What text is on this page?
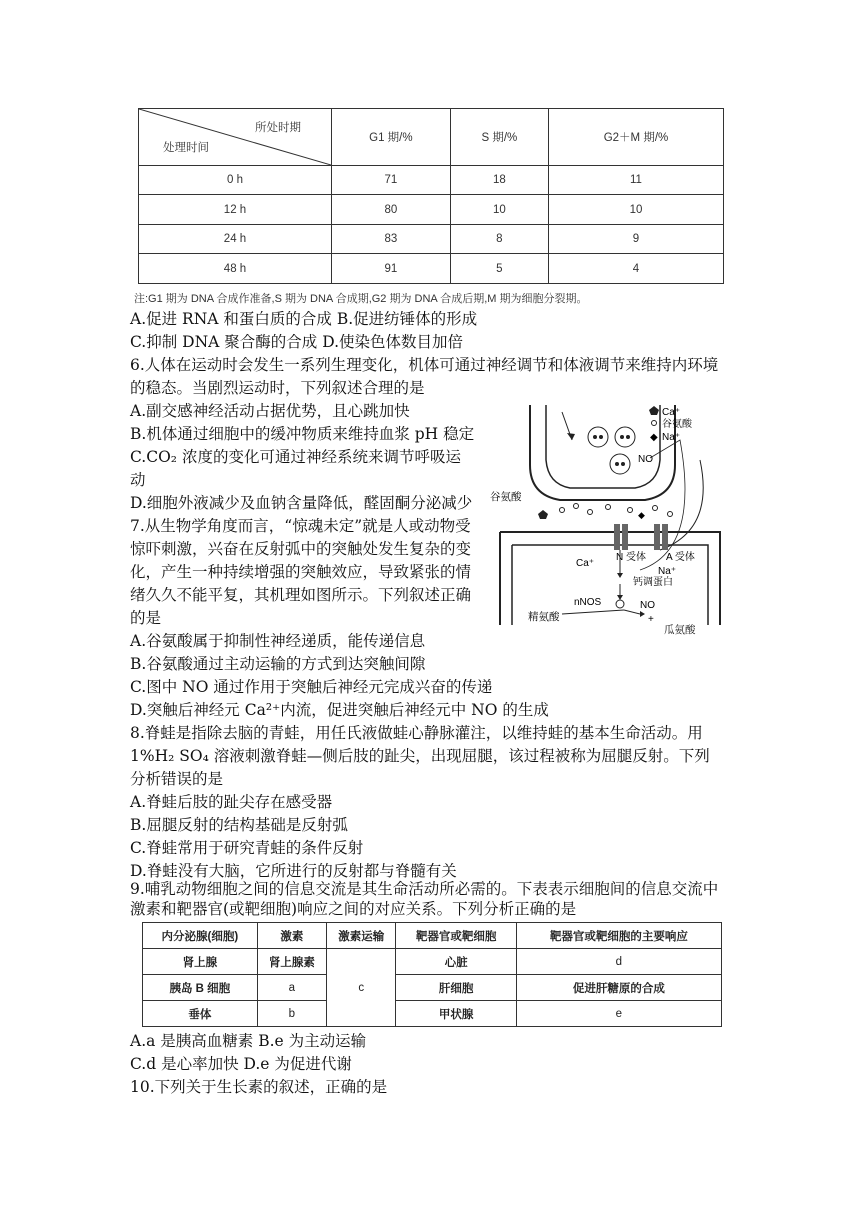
所处时期
处理时间	G1 期/%	S 期/%	G2＋M 期/%
0 h	71	18	11
12 h	80	10	10
24 h	83	8	9
48 h	91	5	4
注:G1 期为 DNA 合成作准备,S 期为 DNA 合成期,G2 期为 DNA 合成后期,M 期为细胞分裂期。
A.促进 RNA 和蛋白质的合成 B.促进纺锤体的形成
C.抑制 DNA 聚合酶的合成 D.使染色体数目加倍
6.人体在运动时会发生一系列生理变化，机体可通过神经调节和体液调节来维持内环境
的稳态。当剧烈运动时，下列叙述合理的是
A.副交感神经活动占据优势，且心跳加快
B.机体通过细胞中的缓冲物质来维持血浆 pH 稳定
C.CO₂ 浓度的变化可通过神经系统来调节呼吸运
动
D.细胞外液减少及血钠含量降低，醛固酮分泌减少
7.从生物学角度而言，“惊魂未定”就是人或动物受
惊吓刺激，兴奋在反射弧中的突触处发生复杂的变
化，产生一种持续增强的突触效应，导致紧张的情
绪久久不能平复，其机理如图所示。下列叙述正确
的是
A.谷氨酸属于抑制性神经递质，能传递信息
B.谷氨酸通过主动运输的方式到达突触间隙
C.图中 NO 通过作用于突触后神经元完成兴奋的传递
D.突触后神经元 Ca²⁺内流，促进突触后神经元中 NO 的生成
Ca⁺
谷氨酸
◆ Na⁺
NO
谷氨酸
◆
N 受体 A 受体
Ca⁺
Na⁺
钙调蛋白
nNOS
精氨酸
NO
+
瓜氨酸
8.脊蛙是指除去脑的青蛙，用任氏液做蛙心静脉灌注，以维持蛙的基本生命活动。用
1%H₂ SO₄ 溶液刺激脊蛙—侧后肢的趾尖，出现屈腿，该过程被称为屈腿反射。下列
分析错误的是
A.脊蛙后肢的趾尖存在感受器
B.屈腿反射的结构基础是反射弧
C.脊蛙常用于研究青蛙的条件反射
D.脊蛙没有大脑，它所进行的反射都与脊髓有关
9.哺乳动物细胞之间的信息交流是其生命活动所必需的。下表表示细胞间的信息交流中
激素和靶器官(或靶细胞)响应之间的对应关系。下列分析正确的是
内分泌腺(细胞)	激素	激素运输	靶器官或靶细胞	靶器官或靶细胞的主要响应
肾上腺	肾上腺素	c	心脏	d
胰岛 B 细胞	a		肝细胞	促进肝糖原的合成
垂体	b		甲状腺	e
A.a 是胰高血糖素 B.e 为主动运输
C.d 是心率加快 D.e 为促进代谢
10.下列关于生长素的叙述，正确的是
